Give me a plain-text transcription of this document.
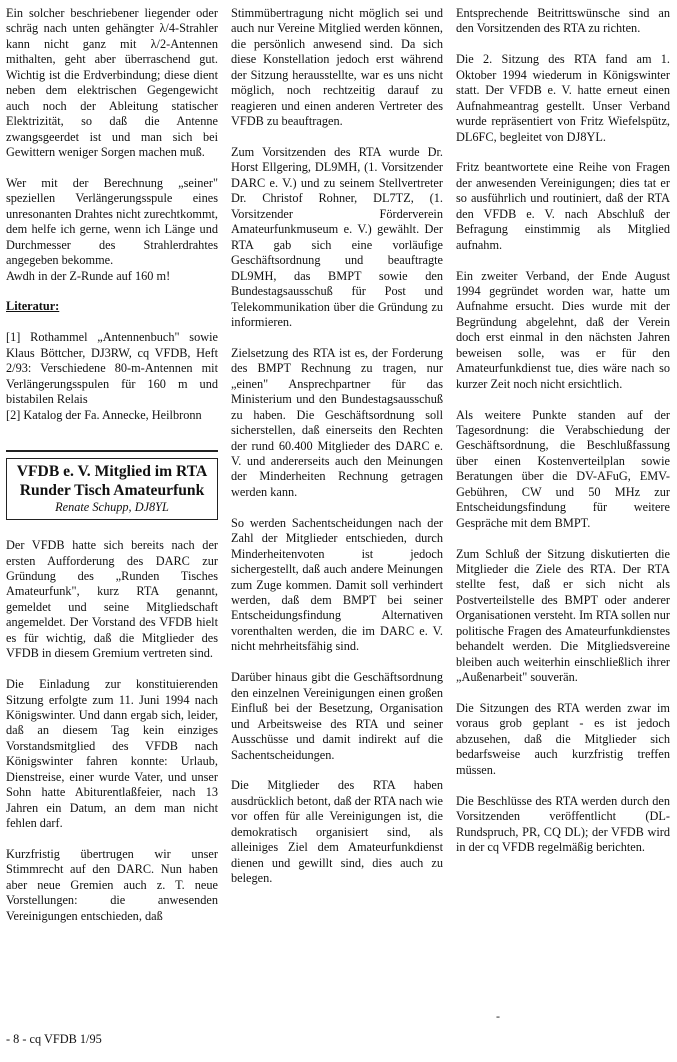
Ein solcher beschriebener liegender oder schräg nach unten gehängter λ/4-Strahler kann nicht ganz mit λ/2-Antennen mithalten, geht aber überraschend gut. Wichtig ist die Erdverbindung; diese dient neben dem elektrischen Gegengewicht auch noch der Ableitung statischer Elektrizität, so daß die Antenne zwangsgeerdet ist und man sich bei Gewittern weniger Sorgen machen muß.

Wer mit der Berechnung „seiner" speziellen Verlängerungsspule eines unresonanten Drahtes nicht zurechtkommt, dem helfe ich gerne, wenn ich Länge und Durchmesser des Strahlerdrahtes angegeben bekomme.

Awdh in der Z-Runde auf 160 m!

Literatur:

[1] Rothammel „Antennenbuch" sowie Klaus Böttcher, DJ3RW, cq VFDB, Heft 2/93: Verschiedene 80-m-Antennen mit Verlängerungsspulen für 160 m und bistabilen Relais

[2] Katalog der Fa. Annecke, Heilbronn

VFDB e. V. Mitglied im RTA
Runder Tisch Amateurfunk
Renate Schupp, DJ8YL

Der VFDB hatte sich bereits nach der ersten Aufforderung des DARC zur Gründung des „Runden Tisches Amateurfunk", kurz RTA genannt, gemeldet und seine Mitgliedschaft angemeldet. Der Vorstand des VFDB hielt es für wichtig, daß die Mitglieder des VFDB in diesem Gremium vertreten sind.

Die Einladung zur konstituierenden Sitzung erfolgte zum 11. Juni 1994 nach Königswinter. Und dann ergab sich, leider, daß an diesem Tag kein einziges Vorstandsmitglied des VFDB nach Königswinter fahren konnte: Urlaub, Dienstreise, einer wurde Vater, und unser Sohn hatte Abiturentlaßfeier, nach 13 Jahren ein Datum, an dem man nicht fehlen darf.

Kurzfristig übertrugen wir unser Stimmrecht auf den DARC. Nun haben aber neue Gremien auch z. T. neue Vorstellungen: die anwesenden Vereinigungen entschieden, daß

Stimmübertragung nicht möglich sei und auch nur Vereine Mitglied werden können, die persönlich anwesend sind. Da sich diese Konstellation jedoch erst während der Sitzung herausstellte, war es uns nicht möglich, noch rechtzeitig darauf zu reagieren und einen anderen Vertreter des VFDB zu beauftragen.

Zum Vorsitzenden des RTA wurde Dr. Horst Ellgering, DL9MH, (1. Vorsitzender DARC e. V.) und zu seinem Stellvertreter Dr. Christof Rohner, DL7TZ, (1. Vorsitzender Förderverein Amateurfunkmuseum e. V.) gewählt. Der RTA gab sich eine vorläufige Geschäftsordnung und beauftragte DL9MH, das BMPT sowie den Bundestagsausschuß für Post und Telekommunikation über die Gründung zu informieren.

Zielsetzung des RTA ist es, der Forderung des BMPT Rechnung zu tragen, nur „einen" Ansprechpartner für das Ministerium und den Bundestagsausschuß zu haben. Die Geschäftsordnung soll sicherstellen, daß einerseits den Rechten der rund 60.400 Mitglieder des DARC e. V. und andererseits auch den Meinungen der Minderheiten Rechnung getragen werden kann.

So werden Sachentscheidungen nach der Zahl der Mitglieder entschieden, durch Minderheitenvoten ist jedoch sichergestellt, daß auch andere Meinungen zum Zuge kommen. Damit soll verhindert werden, daß dem BMPT bei seiner Entscheidungsfindung Alternativen vorenthalten werden, die im DARC e. V. nicht mehrheitsfähig sind.

Darüber hinaus gibt die Geschäftsordnung den einzelnen Vereinigungen einen großen Einfluß bei der Besetzung, Organisation und Arbeitsweise des RTA und seiner Ausschüsse und damit indirekt auf die Sachentscheidungen.

Die Mitglieder des RTA haben ausdrücklich betont, daß der RTA nach wie vor offen für alle Vereinigungen ist, die demokratisch organisiert sind, als alleiniges Ziel dem Amateurfunkdienst dienen und gewillt sind, dies auch zu belegen.

Entsprechende Beitrittswünsche sind an den Vorsitzenden des RTA zu richten.

Die 2. Sitzung des RTA fand am 1. Oktober 1994 wiederum in Königswinter statt. Der VFDB e. V. hatte erneut einen Aufnahmeantrag gestellt. Unser Verband wurde repräsentiert von Fritz Wiefelspütz, DL6FC, begleitet von DJ8YL.

Fritz beantwortete eine Reihe von Fragen der anwesenden Vereinigungen; dies tat er so ausführlich und routiniert, daß der RTA den VFDB e. V. nach Abschluß der Befragung einstimmig als Mitglied aufnahm.

Ein zweiter Verband, der Ende August 1994 gegründet worden war, hatte um Aufnahme ersucht. Dies wurde mit der Begründung abgelehnt, daß der Verein doch erst einmal in den nächsten Jahren beweisen solle, was er für den Amateurfunkdienst tue, dies wäre nach so kurzer Zeit noch nicht ersichtlich.

Als weitere Punkte standen auf der Tagesordnung: die Verabschiedung der Geschäftsordnung, die Beschlußfassung über einen Kostenverteilplan sowie Beratungen über die DV-AFuG, EMV-Gebühren, CW und 50 MHz zur Entscheidungsfindung für weitere Gespräche mit dem BMPT.

Zum Schluß der Sitzung diskutierten die Mitglieder die Ziele des RTA. Der RTA stellte fest, daß er sich nicht als Postverteilstelle des BMPT oder anderer Organisationen versteht. Im RTA sollen nur politische Fragen des Amateurfunkdienstes behandelt werden. Die Mitgliedsvereine bleiben auch weiterhin einschließlich ihrer „Außenarbeit" souverän.

Die Sitzungen des RTA werden zwar im voraus grob geplant - es ist jedoch abzusehen, daß die Mitglieder sich bedarfsweise auch kurzfristig treffen müssen.

Die Beschlüsse des RTA werden durch den Vorsitzenden veröffentlicht (DL-Rundspruch, PR, CQ DL); der VFDB wird in der cq VFDB regelmäßig berichten.

-
- 8 - cq VFDB 1/95
